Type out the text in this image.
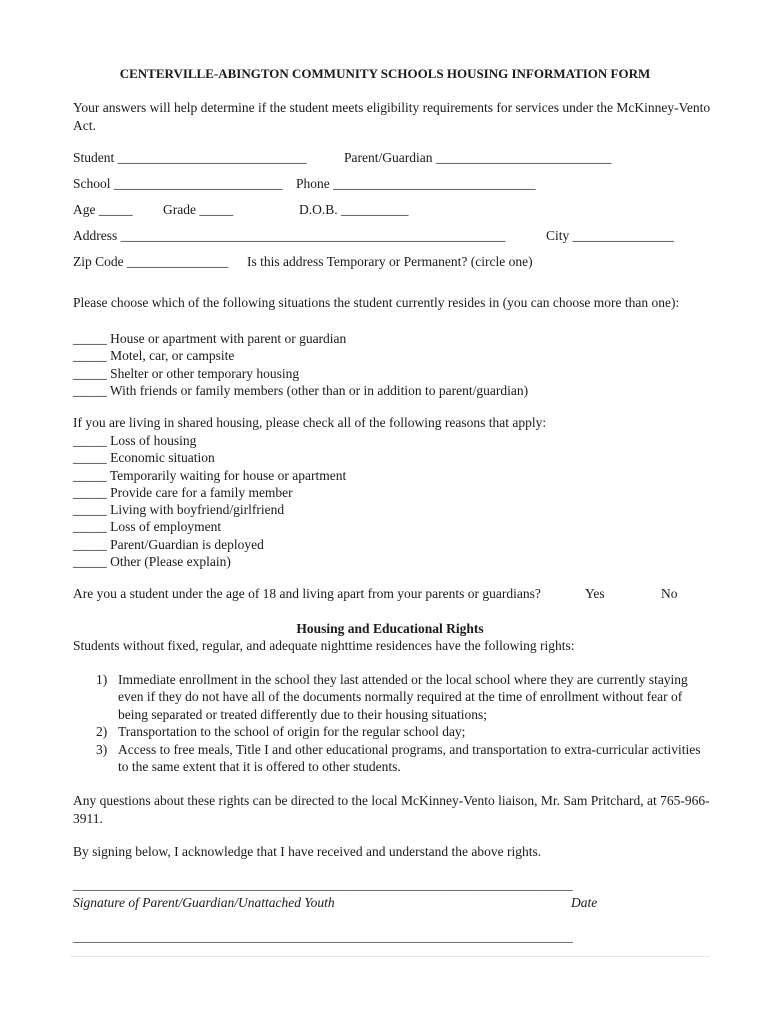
CENTERVILLE-ABINGTON COMMUNITY SCHOOLS HOUSING INFORMATION FORM
Your answers will help determine if the student meets eligibility requirements for services under the McKinney-Vento Act.
Student ____________________________	Parent/Guardian __________________________
School _________________________ Phone ______________________________
Age _____ Grade _____	D.O.B. __________
Address _________________________________________________________	City _______________
Zip Code _______________ Is this address Temporary or Permanent? (circle one)
Please choose which of the following situations the student currently resides in (you can choose more than one):
_____ House or apartment with parent or guardian
_____ Motel, car, or campsite
_____ Shelter or other temporary housing
_____ With friends or family members (other than or in addition to parent/guardian)
If you are living in shared housing, please check all of the following reasons that apply:
_____ Loss of housing
_____ Economic situation
_____ Temporarily waiting for house or apartment
_____ Provide care for a family member
_____ Living with boyfriend/girlfriend
_____ Loss of employment
_____ Parent/Guardian is deployed
_____ Other (Please explain)
Are you a student under the age of 18 and living apart from your parents or guardians?	Yes	No
Housing and Educational Rights
Students without fixed, regular, and adequate nighttime residences have the following rights:
1) Immediate enrollment in the school they last attended or the local school where they are currently staying even if they do not have all of the documents normally required at the time of enrollment without fear of being separated or treated differently due to their housing situations;
2) Transportation to the school of origin for the regular school day;
3) Access to free meals, Title I and other educational programs, and transportation to extra-curricular activities to the same extent that it is offered to other students.
Any questions about these rights can be directed to the local McKinney-Vento liaison, Mr. Sam Pritchard, at 765-966-3911.
By signing below, I acknowledge that I have received and understand the above rights.
__________________________________________________________________________________
Signature of Parent/Guardian/Unattached Youth	Date
__________________________________________________________________________________
